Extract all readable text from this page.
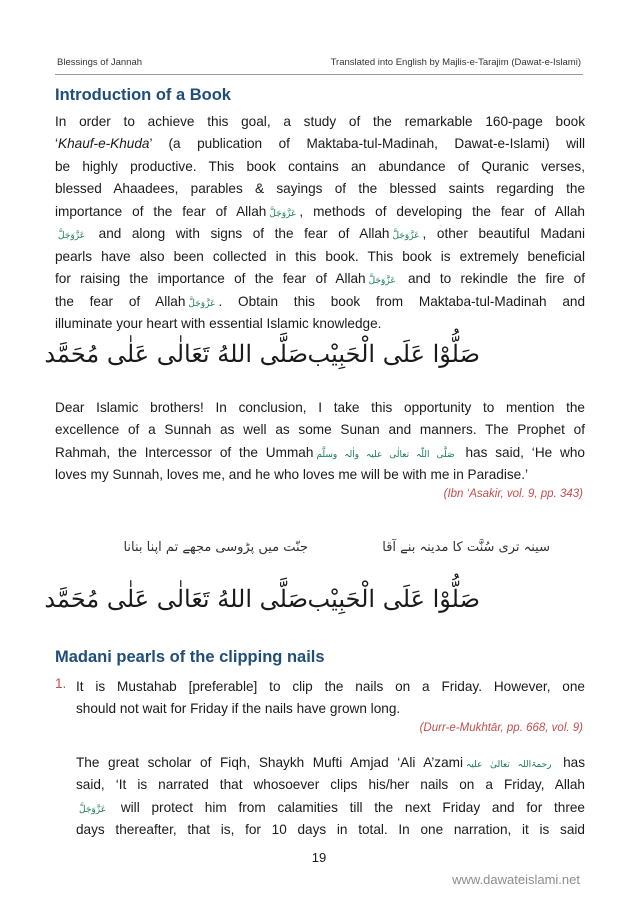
Blessings of Jannah	Translated into English by Majlis-e-Tarajim (Dawat-e-Islami)
Introduction of a Book
In order to achieve this goal, a study of the remarkable 160-page book
‘Khauf-e-Khuda’ (a publication of Maktaba-tul-Madinah, Dawat-e-Islami) will
be highly productive. This book contains an abundance of Quranic verses,
blessed Ahaadees, parables & sayings of the blessed saints regarding the
importance of the fear of Allah عَزَّوَجَلَّ , methods of developing the fear of Allah
عَزَّوَجَلَّ and along with signs of the fear of Allah عَزَّوَجَلَّ , other beautiful Madani
pearls have also been collected in this book. This book is extremely beneficial
for raising the importance of the fear of Allah عَزَّوَجَلَّ and to rekindle the fire of
the fear of Allah عَزَّوَجَلَّ . Obtain this book from Maktaba-tul-Madinah and
illuminate your heart with essential Islamic knowledge.
صَلُّوْا عَلَى الْحَبِيْب
صَلَّى اللهُ تَعَالٰى عَلٰى مُحَمَّد
Dear Islamic brothers! In conclusion, I take this opportunity to mention the
excellence of a Sunnah as well as some Sunan and manners. The Prophet of
Rahmah, the Intercessor of the Ummah صَلَّى اللّٰہ تعالٰی علیہ واٰلہ وسلَّم has said, ‘He who
loves my Sunnah, loves me, and he who loves me will be with me in Paradise.’
(Ibn ‘Asakir, vol. 9, pp. 343)
سینہ تری سُنَّت کا مدینہ بنے آقا
جنّت میں پڑوسی مجھے تم اپنا بنانا
صَلُّوْا عَلَى الْحَبِيْب
صَلَّى اللهُ تَعَالٰى عَلٰى مُحَمَّد
Madani pearls of the clipping nails
1. It is Mustahab [preferable] to clip the nails on a Friday. However, one
should not wait for Friday if the nails have grown long.
(Durr-e-Mukhtār, pp. 668, vol. 9)
The great scholar of Fiqh, Shaykh Mufti Amjad ‘Ali A’zami رحمۃاللہ تعالیٰ علیہ has
said, ‘It is narrated that whosoever clips his/her nails on a Friday, Allah
عَزَّوَجَلَّ will protect him from calamities till the next Friday and for three
days thereafter, that is, for 10 days in total. In one narration, it is said
19
www.dawateislami.net
